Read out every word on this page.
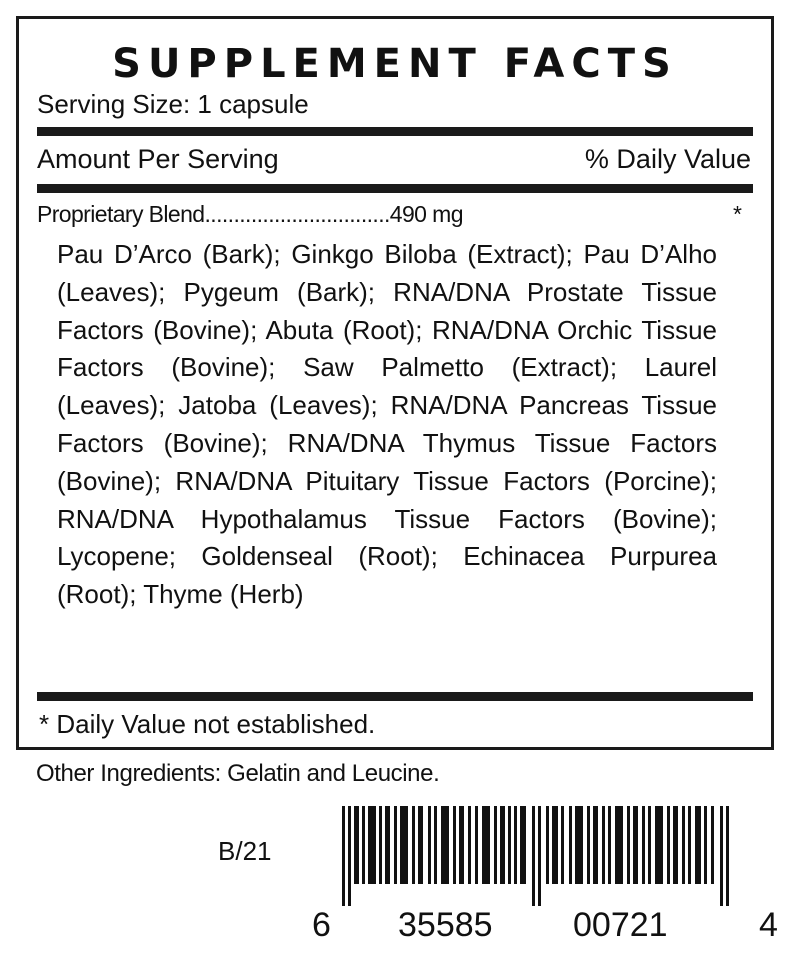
SUPPLEMENT FACTS
Serving Size: 1 capsule
Amount Per Serving	% Daily Value
Proprietary Blend................................490 mg	*
Pau D’Arco (Bark); Ginkgo Biloba (Extract); Pau D’Alho (Leaves); Pygeum (Bark); RNA/DNA Prostate Tissue Factors (Bovine); Abuta (Root); RNA/DNA Orchic Tissue Factors (Bovine); Saw Palmetto (Extract); Laurel (Leaves); Jatoba (Leaves); RNA/DNA Pancreas Tissue Factors (Bovine); RNA/DNA Thymus Tissue Factors (Bovine); RNA/DNA Pituitary Tissue Factors (Porcine); RNA/DNA Hypothalamus Tissue Factors (Bovine); Lycopene; Goldenseal (Root); Echinacea Purpurea (Root); Thyme (Herb)
* Daily Value not established.
Other Ingredients: Gelatin and Leucine.
B/21
6 35585 00721	4
